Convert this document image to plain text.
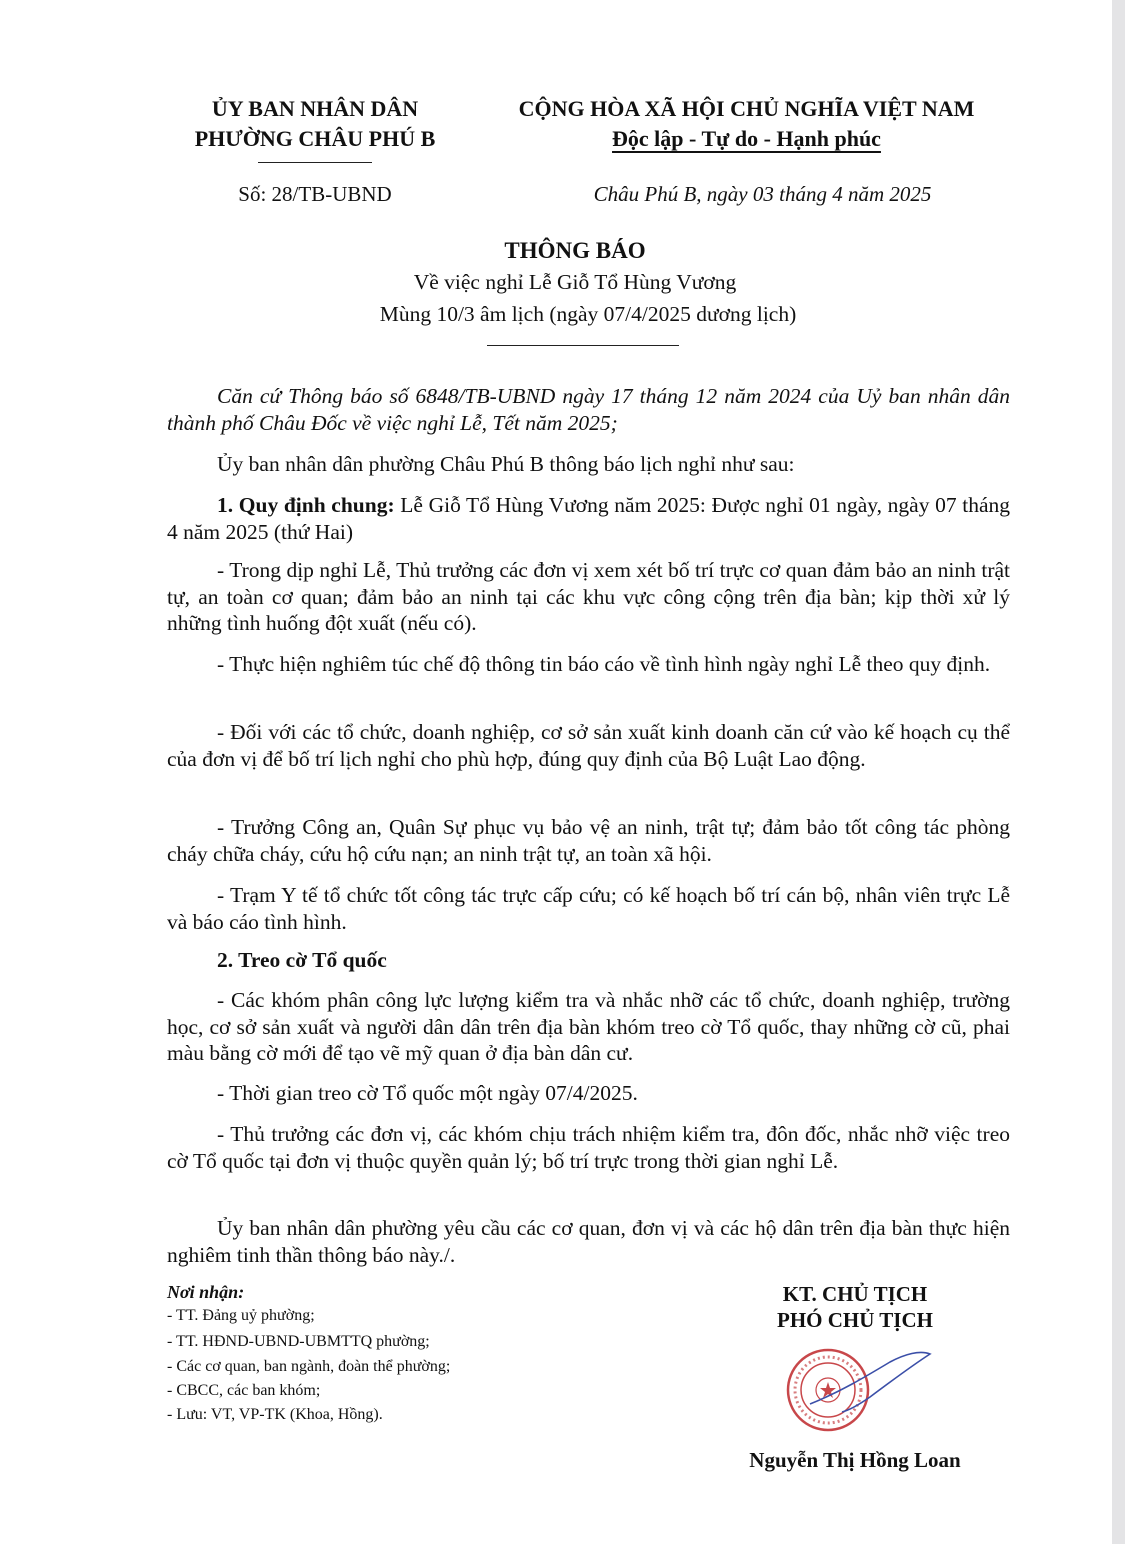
ỦY BAN NHÂN DÂN
PHƯỜNG CHÂU PHÚ B
CỘNG HÒA XÃ HỘI CHỦ NGHĨA VIỆT NAM
Độc lập - Tự do - Hạnh phúc
Số: 28/TB-UBND	Châu Phú B, ngày 03 tháng 4 năm 2025
THÔNG BÁO
Về việc nghỉ Lễ Giỗ Tổ Hùng Vương
Mùng 10/3 âm lịch (ngày 07/4/2025 dương lịch)
Căn cứ Thông báo số 6848/TB-UBND ngày 17 tháng 12 năm 2024 của Uỷ ban nhân dân thành phố Châu Đốc về việc nghỉ Lễ, Tết năm 2025;
Ủy ban nhân dân phường Châu Phú B thông báo lịch nghỉ như sau:
1. Quy định chung: Lễ Giỗ Tổ Hùng Vương năm 2025: Được nghỉ 01 ngày, ngày 07 tháng 4 năm 2025 (thứ Hai)
- Trong dịp nghỉ Lễ, Thủ trưởng các đơn vị xem xét bố trí trực cơ quan đảm bảo an ninh trật tự, an toàn cơ quan; đảm bảo an ninh tại các khu vực công cộng trên địa bàn; kịp thời xử lý những tình huống đột xuất (nếu có).
- Thực hiện nghiêm túc chế độ thông tin báo cáo về tình hình ngày nghỉ Lễ theo quy định.
- Đối với các tổ chức, doanh nghiệp, cơ sở sản xuất kinh doanh căn cứ vào kế hoạch cụ thể của đơn vị để bố trí lịch nghỉ cho phù hợp, đúng quy định của Bộ Luật Lao động.
- Trưởng Công an, Quân Sự phục vụ bảo vệ an ninh, trật tự; đảm bảo tốt công tác phòng cháy chữa cháy, cứu hộ cứu nạn; an ninh trật tự, an toàn xã hội.
- Trạm Y tế tổ chức tốt công tác trực cấp cứu; có kế hoạch bố trí cán bộ, nhân viên trực Lễ và báo cáo tình hình.
2. Treo cờ Tổ quốc
- Các khóm phân công lực lượng kiểm tra và nhắc nhỡ các tổ chức, doanh nghiệp, trường học, cơ sở sản xuất và người dân dân trên địa bàn khóm treo cờ Tổ quốc, thay những cờ cũ, phai màu bằng cờ mới để tạo vẽ mỹ quan ở địa bàn dân cư.
- Thời gian treo cờ Tổ quốc một ngày 07/4/2025.
- Thủ trưởng các đơn vị, các khóm chịu trách nhiệm kiểm tra, đôn đốc, nhắc nhỡ việc treo cờ Tổ quốc tại đơn vị thuộc quyền quản lý; bố trí trực trong thời gian nghỉ Lễ.
Ủy ban nhân dân phường yêu cầu các cơ quan, đơn vị và các hộ dân trên địa bàn thực hiện nghiêm tinh thần thông báo này./.
Nơi nhận:
- TT. Đảng uỷ phường;
- TT. HĐND-UBND-UBMTTQ phường;
- Các cơ quan, ban ngành, đoàn thể phường;
- CBCC, các ban khóm;
- Lưu: VT, VP-TK (Khoa, Hồng).
KT. CHỦ TỊCH
PHÓ CHỦ TỊCH
Nguyễn Thị Hồng Loan
